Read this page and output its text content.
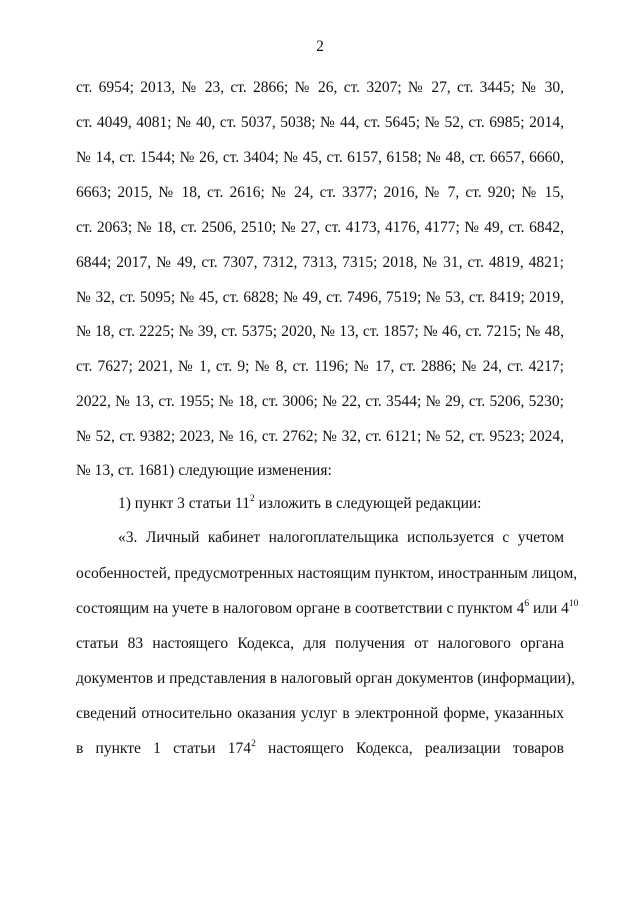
2
ст. 6954; 2013, № 23, ст. 2866; № 26, ст. 3207; № 27, ст. 3445; № 30,
ст. 4049, 4081; № 40, ст. 5037, 5038; № 44, ст. 5645; № 52, ст. 6985; 2014,
№ 14, ст. 1544; № 26, ст. 3404; № 45, ст. 6157, 6158; № 48, ст. 6657, 6660,
6663; 2015, № 18, ст. 2616; № 24, ст. 3377; 2016, № 7, ст. 920; № 15,
ст. 2063; № 18, ст. 2506, 2510; № 27, ст. 4173, 4176, 4177; № 49, ст. 6842,
6844; 2017, № 49, ст. 7307, 7312, 7313, 7315; 2018, № 31, ст. 4819, 4821;
№ 32, ст. 5095; № 45, ст. 6828; № 49, ст. 7496, 7519; № 53, ст. 8419; 2019,
№ 18, ст. 2225; № 39, ст. 5375; 2020, № 13, ст. 1857; № 46, ст. 7215; № 48,
ст. 7627; 2021, № 1, ст. 9; № 8, ст. 1196; № 17, ст. 2886; № 24, ст. 4217;
2022, № 13, ст. 1955; № 18, ст. 3006; № 22, ст. 3544; № 29, ст. 5206, 5230;
№ 52, ст. 9382; 2023, № 16, ст. 2762; № 32, ст. 6121; № 52, ст. 9523; 2024,
№ 13, ст. 1681) следующие изменения:
1) пункт 3 статьи $11^2$ изложить в следующей редакции:
«3. Личный кабинет налогоплательщика используется с учетом
особенностей, предусмотренных настоящим пунктом, иностранным лицом,
состоящим на учете в налоговом органе в соответствии с пунктом $4^6$ или $4^{10}$
статьи 83 настоящего Кодекса, для получения от налогового органа
документов и представления в налоговый орган документов (информации),
сведений относительно оказания услуг в электронной форме, указанных
в пункте 1 статьи $174^2$ настоящего Кодекса, реализации товаров
